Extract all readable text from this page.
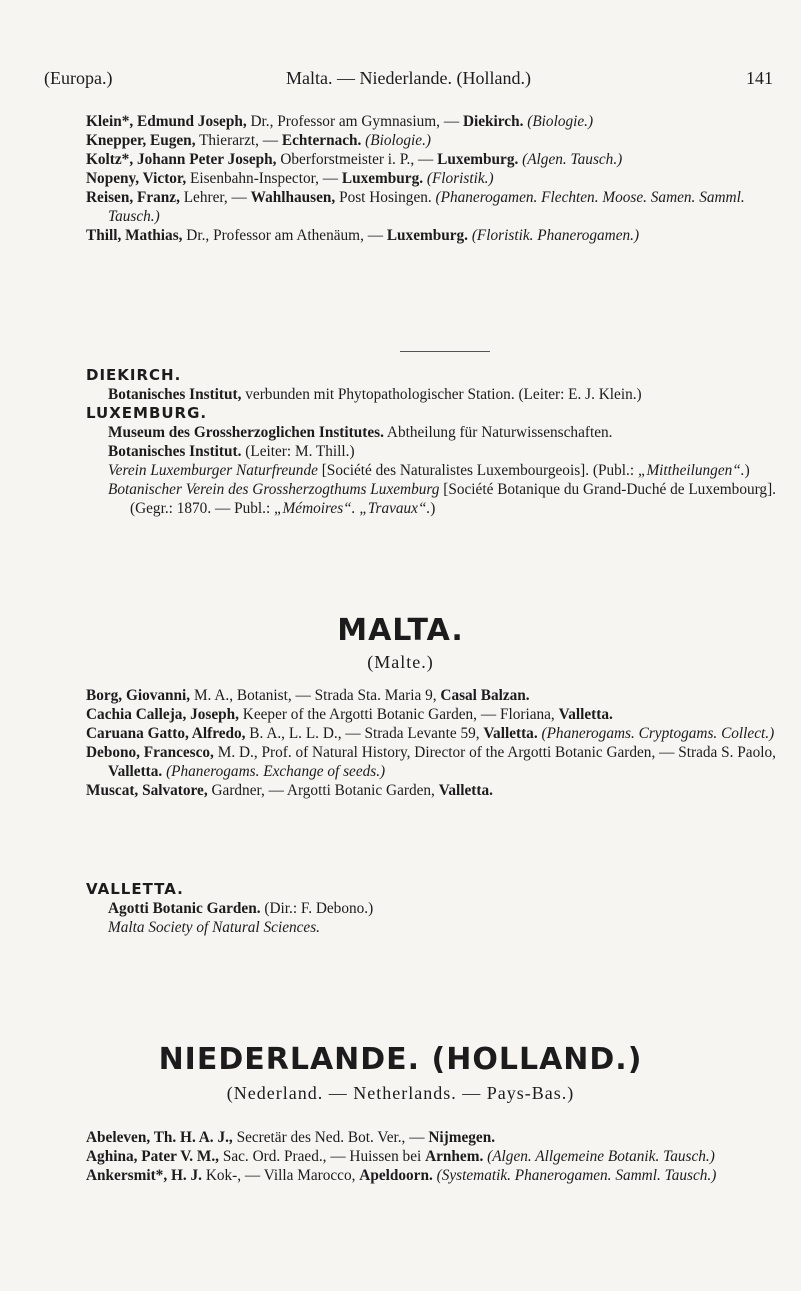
(Europa.)	Malta. — Niederlande. (Holland.)	141
Klein*, Edmund Joseph, Dr., Professor am Gymnasium, — Diekirch. (Biologie.)
Knepper, Eugen, Thierarzt, — Echternach. (Biologie.)
Koltz*, Johann Peter Joseph, Oberforstmeister i. P., — Luxemburg. (Algen. Tausch.)
Nopeny, Victor, Eisenbahn-Inspector, — Luxemburg. (Floristik.)
Reisen, Franz, Lehrer, — Wahlhausen, Post Hosingen. (Phanerogamen. Flechten. Moose. Samen. Samml. Tausch.)
Thill, Mathias, Dr., Professor am Athenäum, — Luxemburg. (Floristik. Phanerogamen.)
DIEKIRCH.
Botanisches Institut, verbunden mit Phytopathologischer Station. (Leiter: E. J. Klein.)
LUXEMBURG.
Museum des Grossherzoglichen Institutes. Abtheilung für Naturwissenschaften.
Botanisches Institut. (Leiter: M. Thill.)
Verein Luxemburger Naturfreunde [Société des Naturalistes Luxembourgeois]. (Publ.: „Mittheilungen“.)
Botanischer Verein des Grossherzogthums Luxemburg [Société Botanique du Grand-Duché de Luxembourg]. (Gegr.: 1870. — Publ.: „Mémoires“. „Travaux“.)
MALTA.
(Malte.)
Borg, Giovanni, M. A., Botanist, — Strada Sta. Maria 9, Casal Balzan.
Cachia Calleja, Joseph, Keeper of the Argotti Botanic Garden, — Floriana, Valletta.
Caruana Gatto, Alfredo, B. A., L. L. D., — Strada Levante 59, Valletta. (Phanerogams. Cryptogams. Collect.)
Debono, Francesco, M. D., Prof. of Natural History, Director of the Argotti Botanic Garden, — Strada S. Paolo, Valletta. (Phanerogams. Exchange of seeds.)
Muscat, Salvatore, Gardner, — Argotti Botanic Garden, Valletta.
VALLETTA.
Agotti Botanic Garden. (Dir.: F. Debono.)
Malta Society of Natural Sciences.
NIEDERLANDE. (HOLLAND.)
(Nederland. — Netherlands. — Pays-Bas.)
Abeleven, Th. H. A. J., Secretär des Ned. Bot. Ver., — Nijmegen.
Aghina, Pater V. M., Sac. Ord. Praed., — Huissen bei Arnhem. (Algen. Allgemeine Botanik. Tausch.)
Ankersmit*, H. J. Kok-, — Villa Marocco, Apeldoorn. (Systematik. Phanerogamen. Samml. Tausch.)
